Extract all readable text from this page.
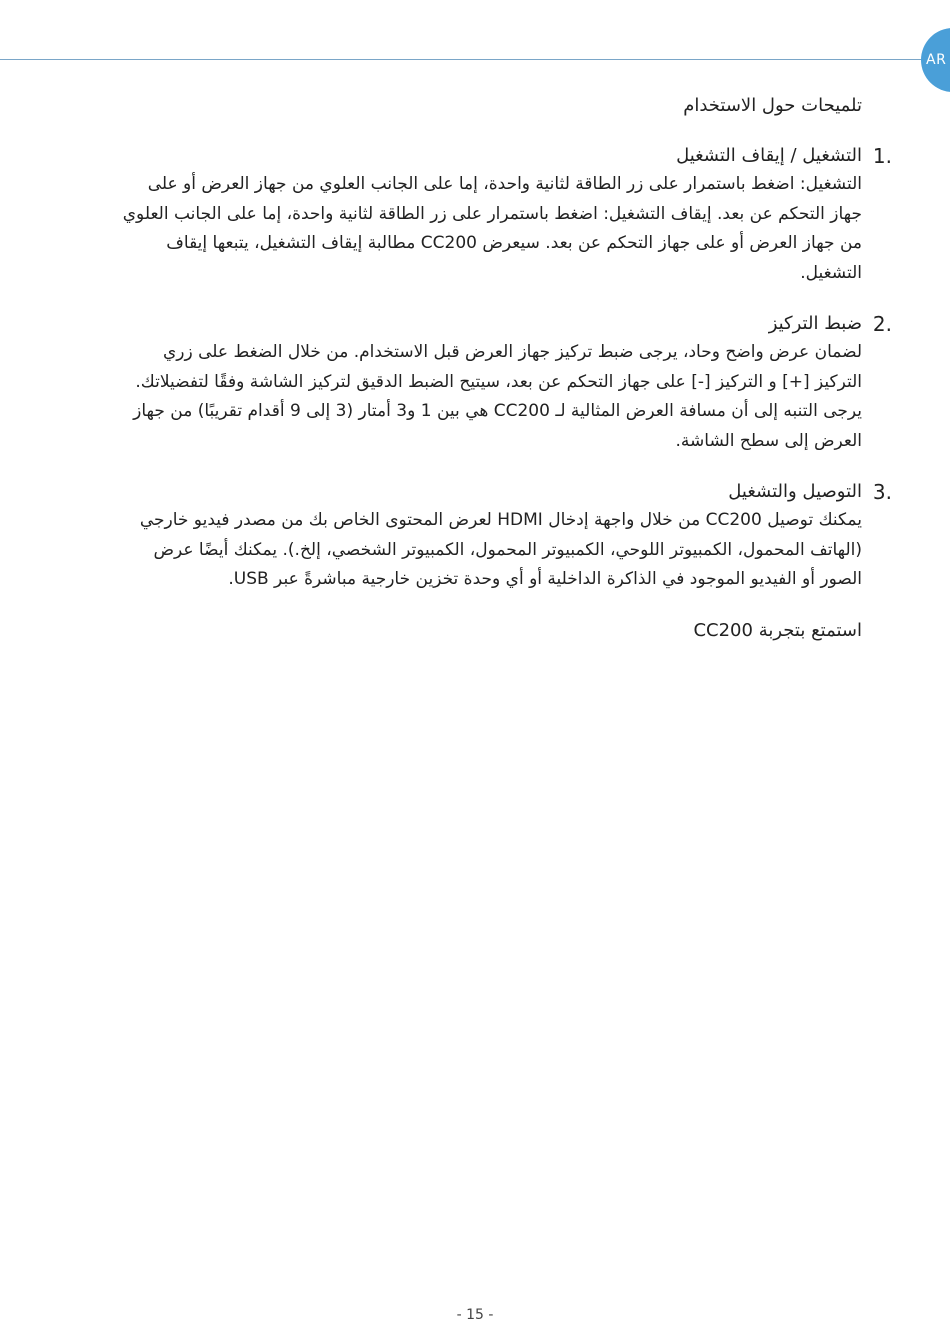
AR

تلميحات حول الاستخدام

1.
التشغيل / إيقاف التشغيل

التشغيل: اضغط باستمرار على زر الطاقة لثانية واحدة، إما على الجانب العلوي من جهاز العرض أو على جهاز التحكم عن بعد. إيقاف التشغيل: اضغط باستمرار على زر الطاقة لثانية واحدة، إما على الجانب العلوي من جهاز العرض أو على جهاز التحكم عن بعد. سيعرض CC200 مطالبة إيقاف التشغيل، يتبعها إيقاف التشغيل.

2.
ضبط التركيز

لضمان عرض واضح وحاد، يرجى ضبط تركيز جهاز العرض قبل الاستخدام. من خلال الضغط على زري التركيز [+] و التركيز [-] على جهاز التحكم عن بعد، سيتيح الضبط الدقيق لتركيز الشاشة وفقًا لتفضيلاتك. يرجى التنبه إلى أن مسافة العرض المثالية لـ CC200 هي بين 1 و3 أمتار (3 إلى 9 أقدام تقريبًا) من جهاز العرض إلى سطح الشاشة.

3.
التوصيل والتشغيل

يمكنك توصيل CC200 من خلال واجهة إدخال HDMI لعرض المحتوى الخاص بك من مصدر فيديو خارجي (الهاتف المحمول، الكمبيوتر اللوحي، الكمبيوتر المحمول، الكمبيوتر الشخصي، إلخ.). يمكنك أيضًا عرض الصور أو الفيديو الموجود في الذاكرة الداخلية أو أي وحدة تخزين خارجية مباشرةً عبر USB.

استمتع بتجربة CC200

- 15 -
